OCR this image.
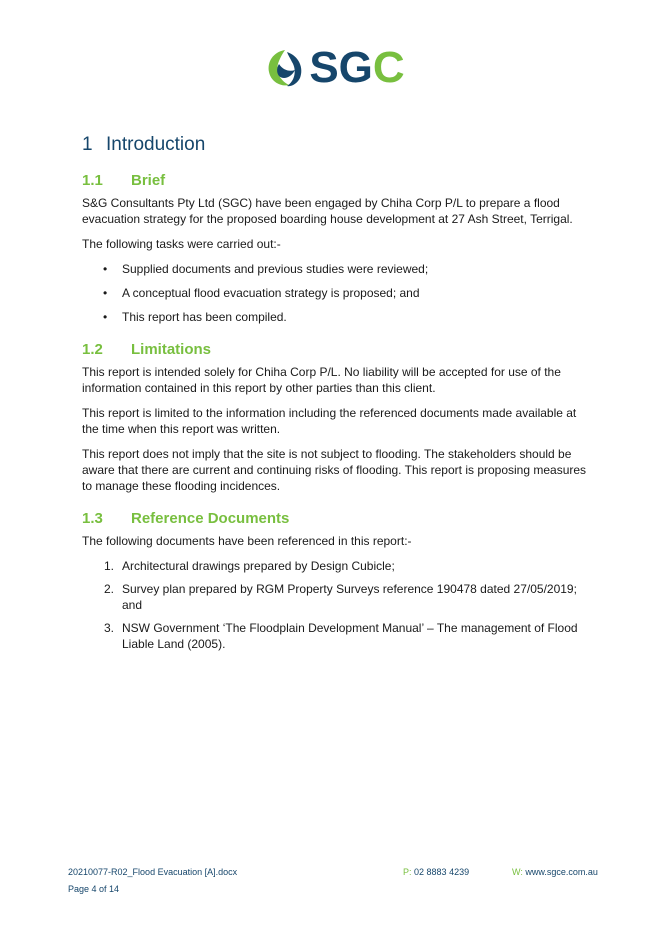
S G C
1 Introduction
1.1	Brief

S&G Consultants Pty Ltd (SGC) have been engaged by Chiha Corp P/L to prepare a flood evacuation strategy for the proposed boarding house development at 27 Ash Street, Terrigal.

The following tasks were carried out:-

•	Supplied documents and previous studies were reviewed;
•	A conceptual flood evacuation strategy is proposed; and
•	This report has been compiled.
1.2	Limitations

This report is intended solely for Chiha Corp P/L. No liability will be accepted for use of the information contained in this report by other parties than this client.

This report is limited to the information including the referenced documents made available at the time when this report was written.

This report does not imply that the site is not subject to flooding. The stakeholders should be aware that there are current and continuing risks of flooding. This report is proposing measures to manage these flooding incidences.

1.3	Reference Documents

The following documents have been referenced in this report:-

1. Architectural drawings prepared by Design Cubicle;
2. Survey plan prepared by RGM Property Surveys reference 190478 dated 27/05/2019; and
3. NSW Government ‘The Floodplain Development Manual’ – The management of Flood Liable Land (2005).
20210077-R02_Flood Evacuation [A].docx	P: 02 8883 4239	W: www.sgce.com.au
Page 4 of 14
